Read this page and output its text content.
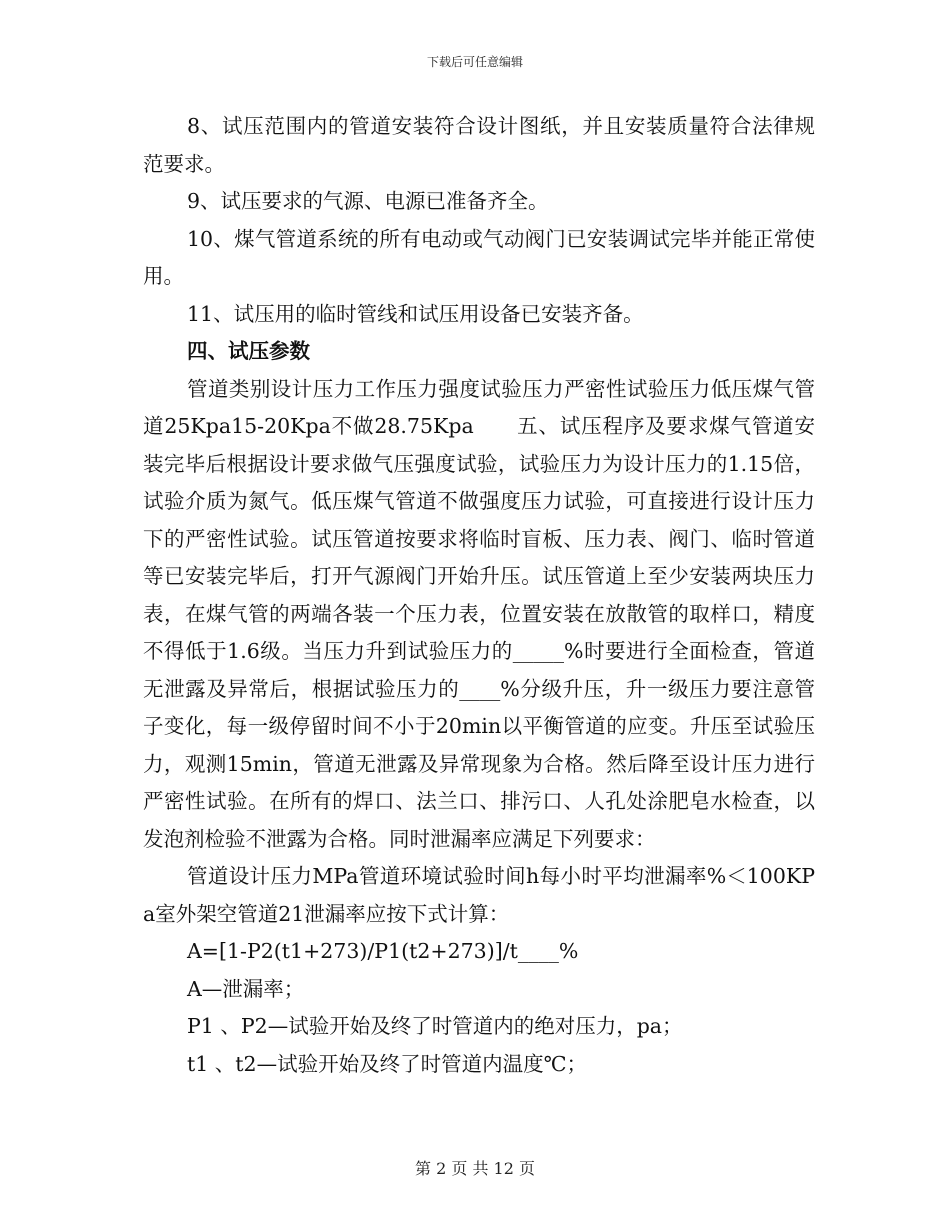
下载后可任意编辑

8、试压范围内的管道安装符合设计图纸，并且安装质量符合法律规范要求。

9、试压要求的气源、电源已准备齐全。

10、煤气管道系统的所有电动或气动阀门已安装调试完毕并能正常使用。

11、试压用的临时管线和试压用设备已安装齐备。

四、试压参数

管道类别设计压力工作压力强度试验压力严密性试验压力低压煤气管道25Kpa15-20Kpa不做28.75Kpa　　五、试压程序及要求煤气管道安装完毕后根据设计要求做气压强度试验，试验压力为设计压力的1.15倍，试验介质为氮气。低压煤气管道不做强度压力试验，可直接进行设计压力下的严密性试验。试压管道按要求将临时盲板、压力表、阀门、临时管道等已安装完毕后，打开气源阀门开始升压。试压管道上至少安装两块压力表，在煤气管的两端各装一个压力表，位置安装在放散管的取样口，精度不得低于1.6级。当压力升到试验压力的_____%时要进行全面检查，管道无泄露及异常后，根据试验压力的____%分级升压，升一级压力要注意管子变化，每一级停留时间不小于20min以平衡管道的应变。升压至试验压力，观测15min，管道无泄露及异常现象为合格。然后降至设计压力进行严密性试验。在所有的焊口、法兰口、排污口、人孔处涂肥皂水检查，以发泡剂检验不泄露为合格。同时泄漏率应满足下列要求：

管道设计压力MPa管道环境试验时间h每小时平均泄漏率%＜100KPa室外架空管道21泄漏率应按下式计算：

A=[1-P2(t1+273)/P1(t2+273)]/t____%

A—泄漏率；

P1 、P2—试验开始及终了时管道内的绝对压力，pa；

t1 、t2—试验开始及终了时管道内温度℃；

第 2 页 共 12 页
